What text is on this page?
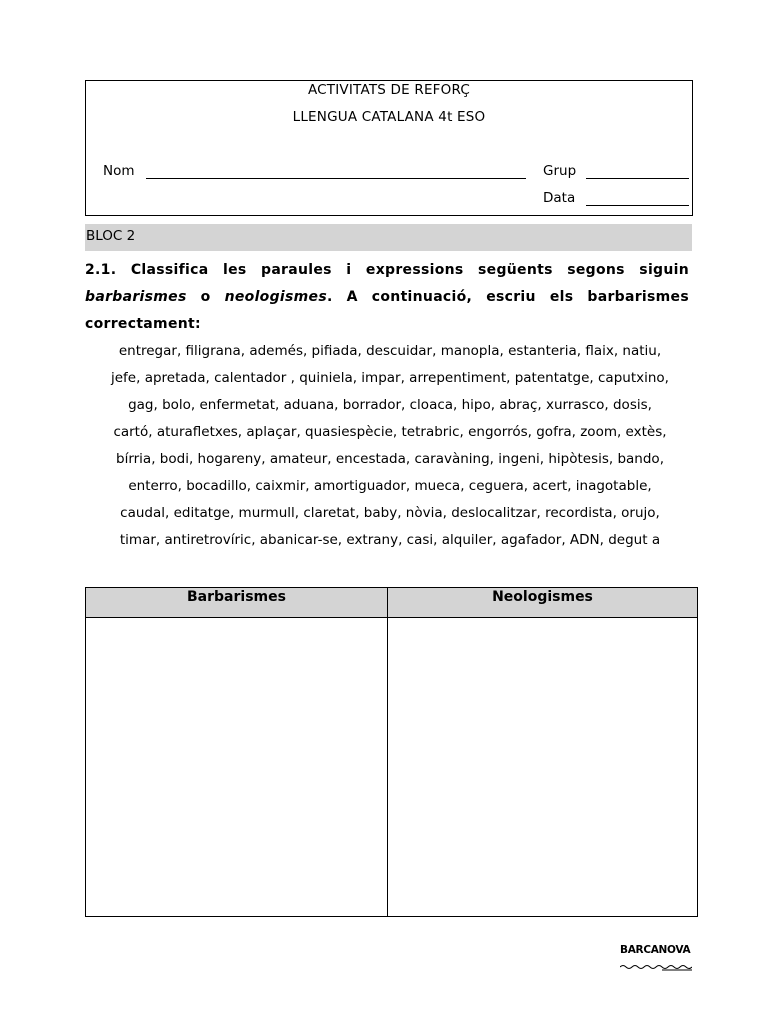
ACTIVITATS DE REFORÇ
LLENGUA CATALANA 4t ESO
Nom	Grup
Data
BLOC 2
2.1. Classifica les paraules i expressions següents segons siguin barbarismes o neologismes. A continuació, escriu els barbarismes correctament:
entregar, filigrana, ademés, pifiada, descuidar, manopla, estanteria, flaix, natiu,
jefe, apretada, calentador , quiniela, impar, arrepentiment, patentatge, caputxino,
gag, bolo, enfermetat, aduana, borrador, cloaca, hipo, abraç, xurrasco, dosis,
cartó, aturafletxes, aplaçar, quasiespècie, tetrabric, engorrós, gofra, zoom, extès,
bírria, bodi, hogareny, amateur, encestada, caravàning, ingeni, hipòtesis, bando,
enterro, bocadillo, caixmir, amortiguador, mueca, ceguera, acert, inagotable,
caudal, editatge, murmull, claretat, baby, nòvia, deslocalitzar, recordista, orujo,
timar, antiretrovíric, abanicar-se, extrany, casi, alquiler, agafador, ADN, degut a
Barbarismes	Neologismes

BARCANOVA
